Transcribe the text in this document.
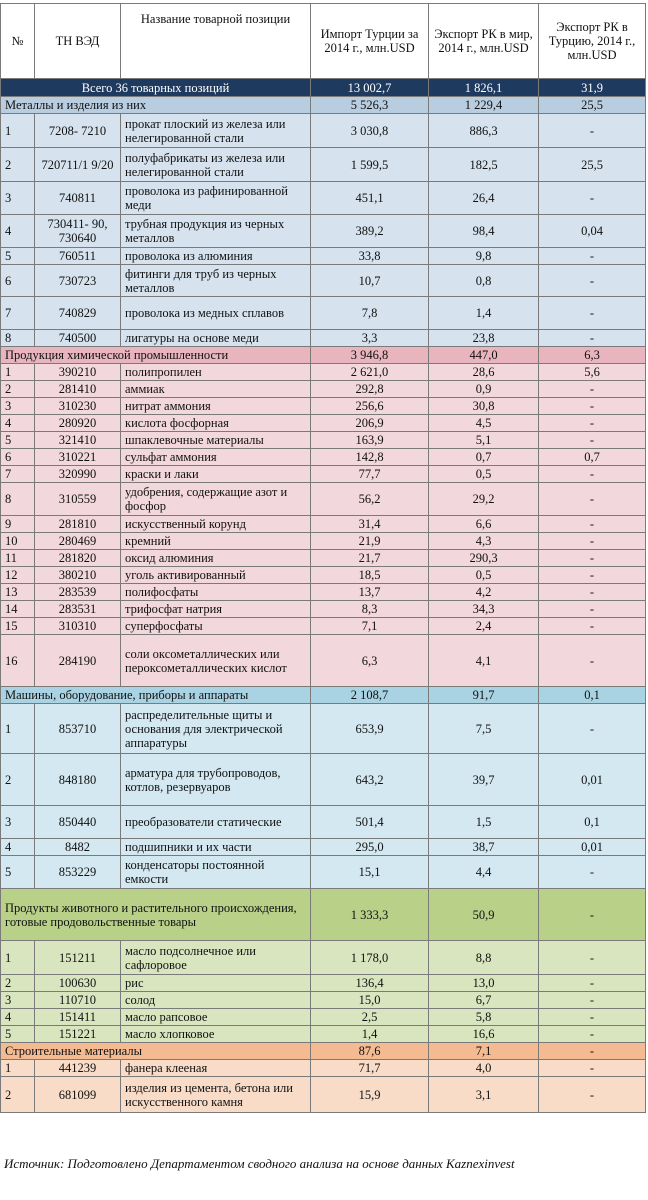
№	ТН ВЭД	Название товарной позиции	Импорт Турции за 2014 г., млн.USD	Экспорт РК в мир, 2014 г., млн.USD	Экспорт РК в Турцию, 2014 г., млн.USD
Всего 36 товарных позиций			13 002,7	1 826,1	31,9
Металлы и изделия из них			5 526,3	1 229,4	25,5
1	7208- 7210	прокат плоский из железа или нелегированной стали	3 030,8	886,3	-
2	720711/1 9/20	полуфабрикаты из железа или нелегированной стали	1 599,5	182,5	25,5
3	740811	проволока из рафинированной меди	451,1	26,4	-
4	730411- 90, 730640	трубная продукция из черных металлов	389,2	98,4	0,04
5	760511	проволока из алюминия	33,8	9,8	-
6	730723	фитинги для труб из черных металлов	10,7	0,8	-
7	740829	проволока из медных сплавов	7,8	1,4	-
8	740500	лигатуры на основе меди	3,3	23,8	-
Продукция химической промышленности			3 946,8	447,0	6,3
1	390210	полипропилен	2 621,0	28,6	5,6
2	281410	аммиак	292,8	0,9	-
3	310230	нитрат аммония	256,6	30,8	-
4	280920	кислота фосфорная	206,9	4,5	-
5	321410	шпаклевочные материалы	163,9	5,1	-
6	310221	сульфат аммония	142,8	0,7	0,7
7	320990	краски и лаки	77,7	0,5	-
8	310559	удобрения, содержащие азот и фосфор	56,2	29,2	-
9	281810	искусственный корунд	31,4	6,6	-
10	280469	кремний	21,9	4,3	-
11	281820	оксид алюминия	21,7	290,3	-
12	380210	уголь активированный	18,5	0,5	-
13	283539	полифосфаты	13,7	4,2	-
14	283531	трифосфат натрия	8,3	34,3	-
15	310310	суперфосфаты	7,1	2,4	-
16	284190	соли оксометаллических или пероксометаллических кислот	6,3	4,1	-
Машины, оборудование, приборы и аппараты			2 108,7	91,7	0,1
1	853710	распределительные щиты и основания для электрической аппаратуры	653,9	7,5	-
2	848180	арматура для трубопроводов, котлов, резервуаров	643,2	39,7	0,01
3	850440	преобразователи статические	501,4	1,5	0,1
4	8482	подшипники и их части	295,0	38,7	0,01
5	853229	конденсаторы постоянной емкости	15,1	4,4	-
Продукты животного и растительного происхождения, готовые продовольственные товары			1 333,3	50,9	-
1	151211	масло подсолнечное или сафлоровое	1 178,0	8,8	-
2	100630	рис	136,4	13,0	-
3	110710	солод	15,0	6,7	-
4	151411	масло рапсовое	2,5	5,8	-
5	151221	масло хлопковое	1,4	16,6	-
Строительные материалы			87,6	7,1	-
1	441239	фанера клееная	71,7	4,0	-
2	681099	изделия из цемента, бетона или искусственного камня	15,9	3,1	-
Источник: Подготовлено Департаментом сводного анализа на основе данных Kaznexinvest
